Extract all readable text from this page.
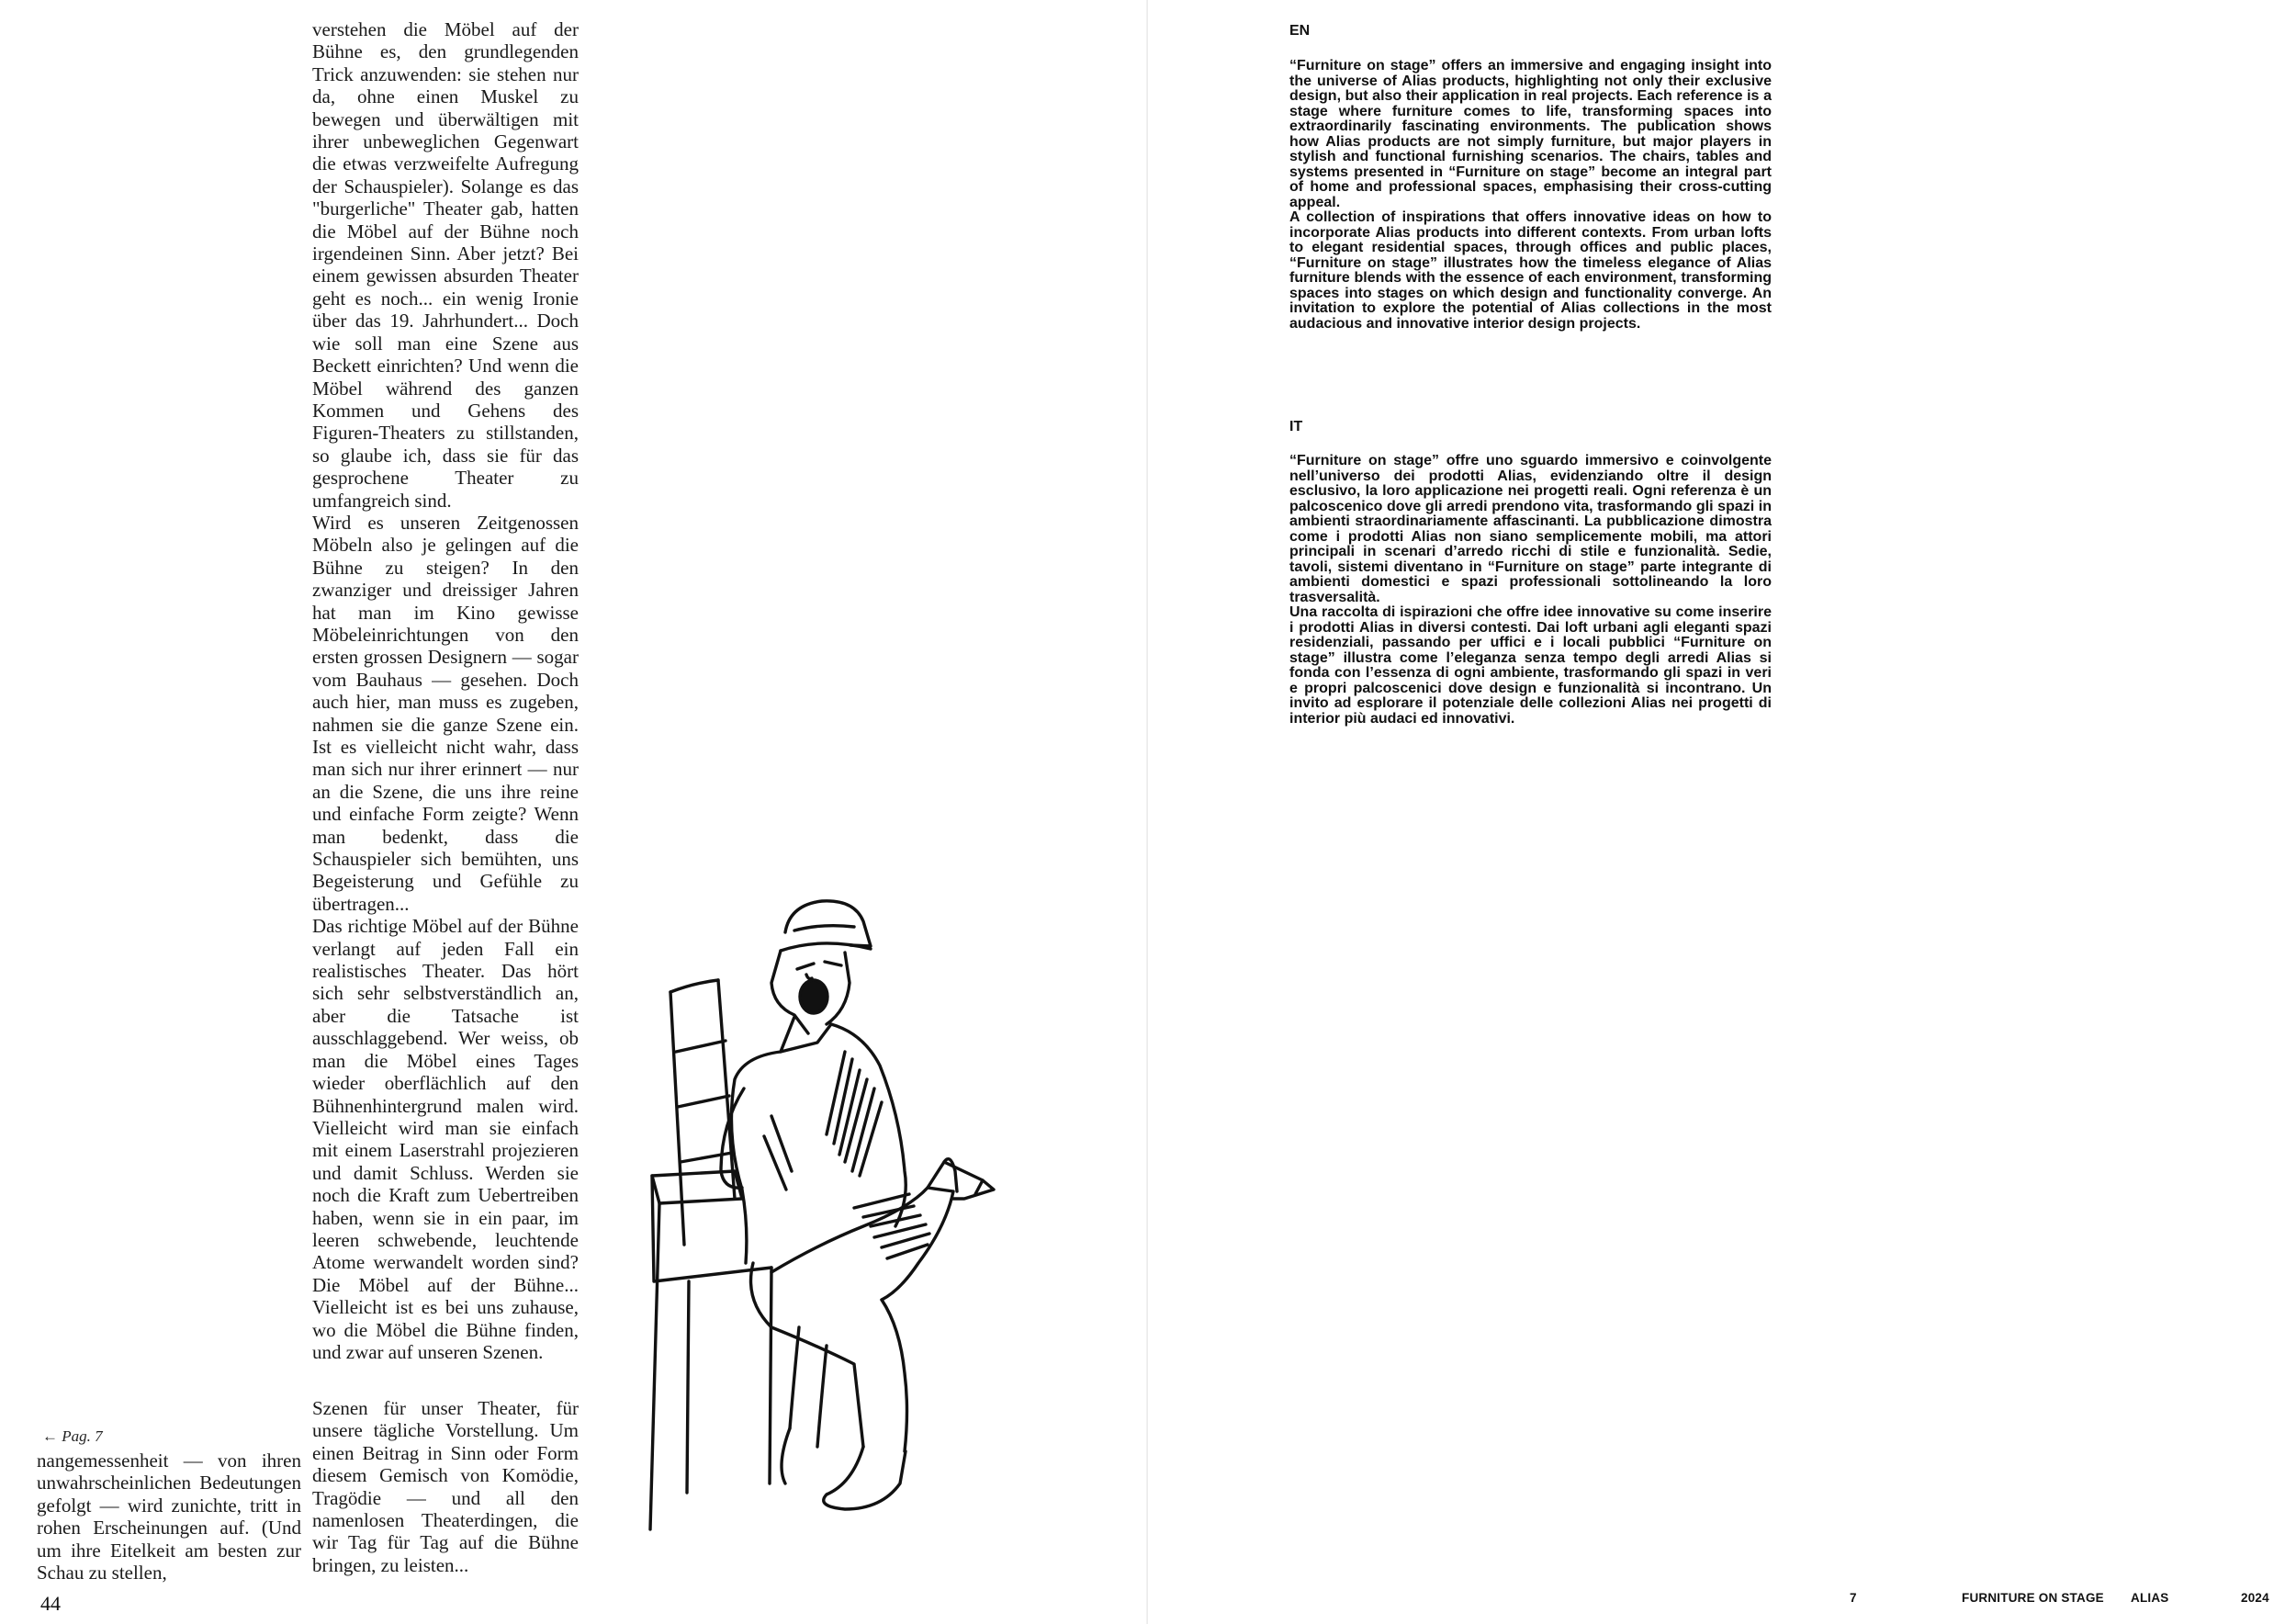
verstehen die Möbel auf der Bühne es, den grundlegenden Trick anzuwenden: sie stehen nur da, ohne einen Muskel zu bewegen und überwältigen mit ihrer unbeweglichen Gegenwart die etwas verzweifelte Aufregung der Schauspieler). Solange es das "burgerliche" Theater gab, hatten die Möbel auf der Bühne noch irgendeinen Sinn. Aber jetzt? Bei einem gewissen absurden Theater geht es noch... ein wenig Ironie über das 19. Jahrhundert... Doch wie soll man eine Szene aus Beckett einrichten? Und wenn die Möbel während des ganzen Kommen und Gehens des Figuren-Theaters zu stillstanden, so glaube ich, dass sie für das gesprochene Theater zu umfangreich sind.

Wird es unseren Zeitgenossen Möbeln also je gelingen auf die Bühne zu steigen? In den zwanziger und dreissiger Jahren hat man im Kino gewisse Möbeleinrichtungen von den ersten grossen Designern — sogar vom Bauhaus — gesehen. Doch auch hier, man muss es zugeben, nahmen sie die ganze Szene ein. Ist es vielleicht nicht wahr, dass man sich nur ihrer erinnert — nur an die Szene, die uns ihre reine und einfache Form zeigte? Wenn man bedenkt, dass die Schauspieler sich bemühten, uns Begeisterung und Gefühle zu übertragen...

Das richtige Möbel auf der Bühne verlangt auf jeden Fall ein realistisches Theater. Das hört sich sehr selbstverständlich an, aber die Tatsache ist ausschlaggebend. Wer weiss, ob man die Möbel eines Tages wieder oberflächlich auf den Bühnenhintergrund malen wird. Vielleicht wird man sie einfach mit einem Laserstrahl projezieren und damit Schluss. Werden sie noch die Kraft zum Uebertreiben haben, wenn sie in ein paar, im leeren schwebende, leuchtende Atome werwandelt worden sind? Die Möbel auf der Bühne... Vielleicht ist es bei uns zuhause, wo die Möbel die Bühne finden, und zwar auf unseren Szenen.

Szenen für unser Theater, für unsere tägliche Vorstellung. Um einen Beitrag in Sinn oder Form diesem Gemisch von Komödie, Tragödie — und all den namenlosen Theaterdingen, die wir Tag für Tag auf die Bühne bringen, zu leisten...

← Pag. 7

nangemessenheit — von ihren unwahrscheinlichen Bedeutungen gefolgt — wird zunichte, tritt in rohen Erscheinungen auf. (Und um ihre Eitelkeit am besten zur Schau zu stellen,

44
EN

“Furniture on stage” offers an immersive and engaging insight into the universe of Alias products, highlighting not only their exclusive design, but also their application in real projects. Each reference is a stage where furniture comes to life, transforming spaces into extraordinarily fascinating environments. The publication shows how Alias products are not simply furniture, but major players in stylish and functional furnishing scenarios. The chairs, tables and systems presented in “Furniture on stage” become an integral part of home and professional spaces, emphasising their cross-cutting appeal.

A collection of inspirations that offers innovative ideas on how to incorporate Alias products into different contexts. From urban lofts to elegant residential spaces, through offices and public places, “Furniture on stage” illustrates how the timeless elegance of Alias furniture blends with the essence of each environment, transforming spaces into stages on which design and functionality converge. An invitation to explore the potential of Alias collections in the most audacious and innovative interior design projects.

IT

“Furniture on stage” offre uno sguardo immersivo e coinvolgente nell’universo dei prodotti Alias, evidenziando oltre il design esclusivo, la loro applicazione nei progetti reali. Ogni referenza è un palcoscenico dove gli arredi prendono vita, trasformando gli spazi in ambienti straordinariamente affascinanti. La pubblicazione dimostra come i prodotti Alias non siano semplicemente mobili, ma attori principali in scenari d’arredo ricchi di stile e funzionalità. Sedie, tavoli, sistemi diventano in “Furniture on stage” parte integrante di ambienti domestici e spazi professionali sottolineando la loro trasversalità.

Una raccolta di ispirazioni che offre idee innovative su come inserire i prodotti Alias in diversi contesti. Dai loft urbani agli eleganti spazi residenziali, passando per uffici e i locali pubblici “Furniture on stage” illustra come l’eleganza senza tempo degli arredi Alias si fonda con l’essenza di ogni ambiente, trasformando gli spazi in veri e propri palcoscenici dove design e funzionalità si incontrano. Un invito ad esplorare il potenziale delle collezioni Alias nei progetti di interior più audaci ed innovativi.

7	FURNITURE ON STAGE ALIAS	2024
